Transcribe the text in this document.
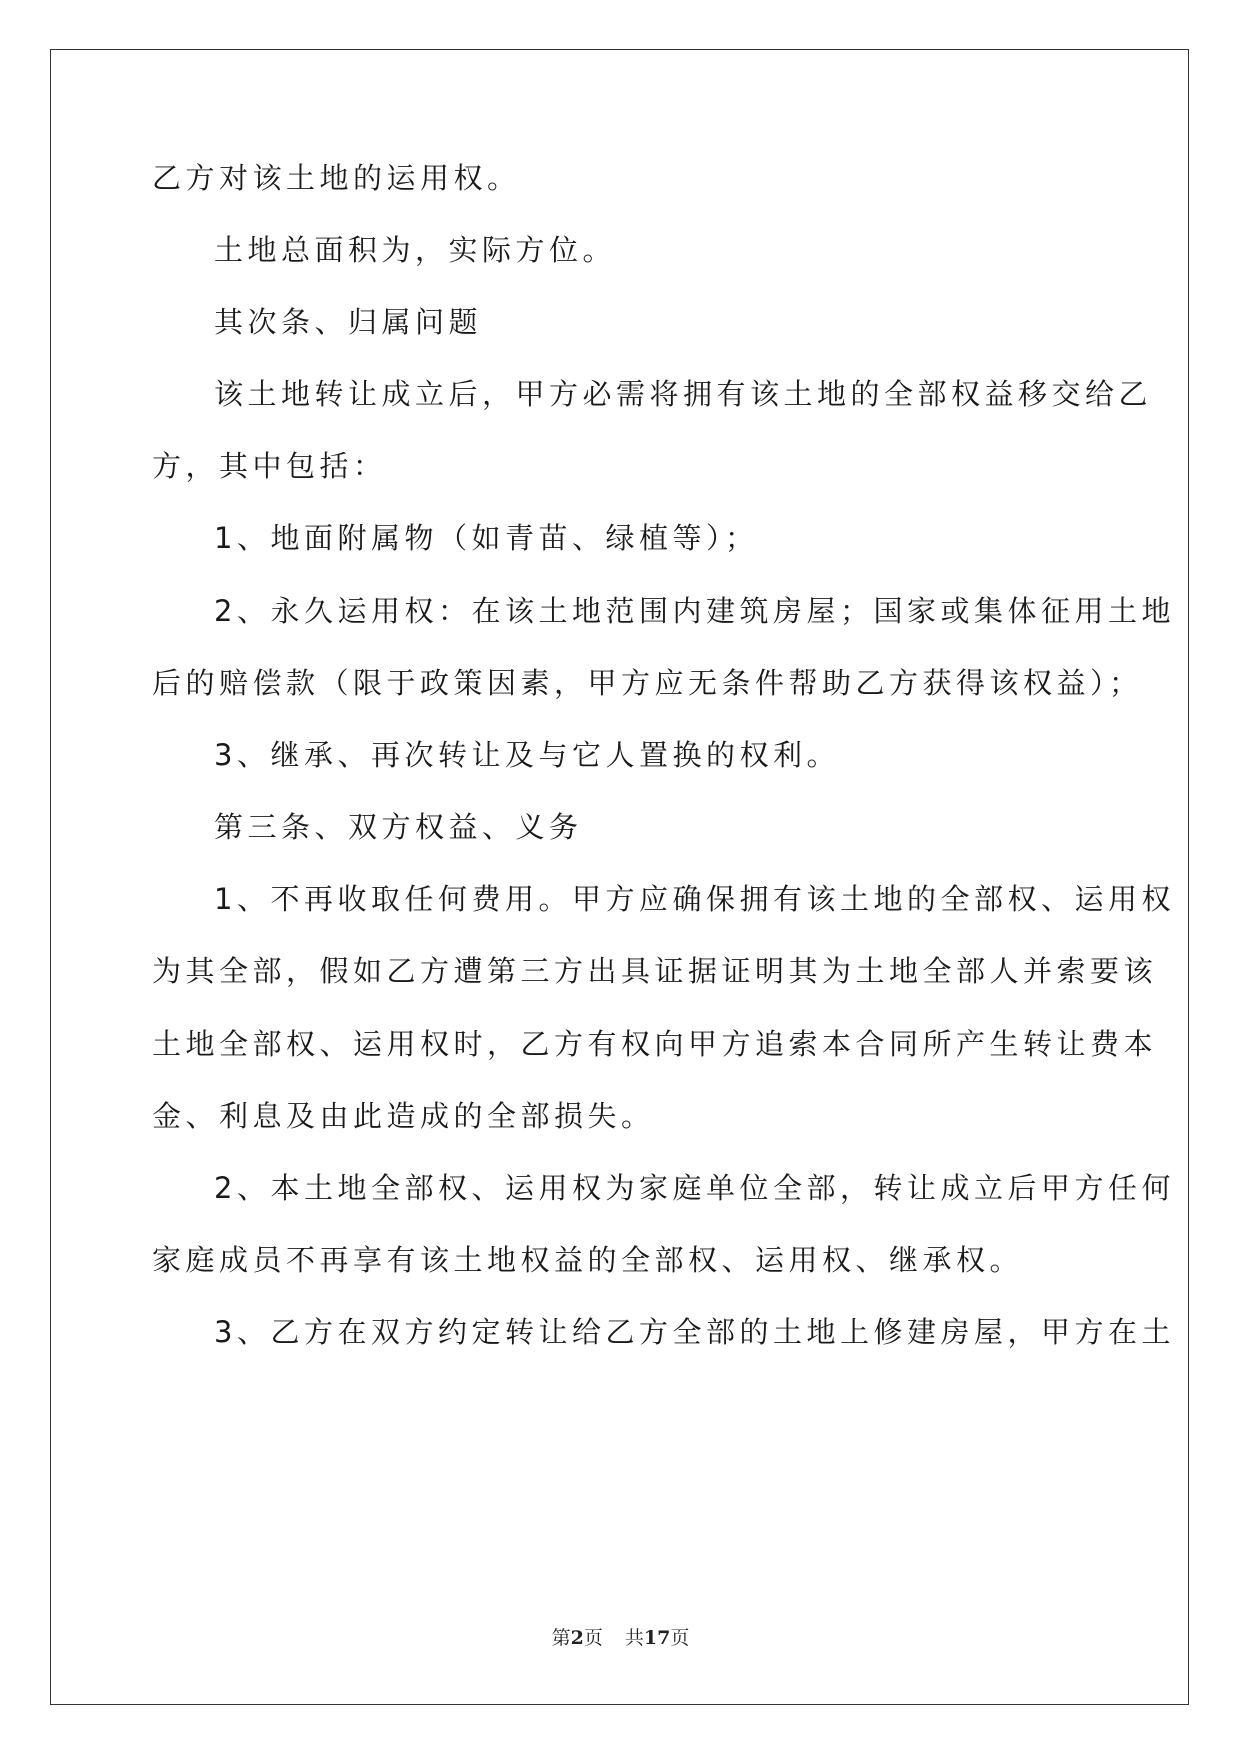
乙方对该土地的运用权。
土地总面积为，实际方位。
其次条、归属问题
该土地转让成立后，甲方必需将拥有该土地的全部权益移交给乙
方，其中包括：
1、地面附属物（如青苗、绿植等）；
2、永久运用权：在该土地范围内建筑房屋；国家或集体征用土地
后的赔偿款（限于政策因素，甲方应无条件帮助乙方获得该权益）；
3、继承、再次转让及与它人置换的权利。
第三条、双方权益、义务
1、不再收取任何费用。甲方应确保拥有该土地的全部权、运用权
为其全部，假如乙方遭第三方出具证据证明其为土地全部人并索要该
土地全部权、运用权时，乙方有权向甲方追索本合同所产生转让费本
金、利息及由此造成的全部损失。
2、本土地全部权、运用权为家庭单位全部，转让成立后甲方任何
家庭成员不再享有该土地权益的全部权、运用权、继承权。
3、乙方在双方约定转让给乙方全部的土地上修建房屋，甲方在土
第2页 共17页
